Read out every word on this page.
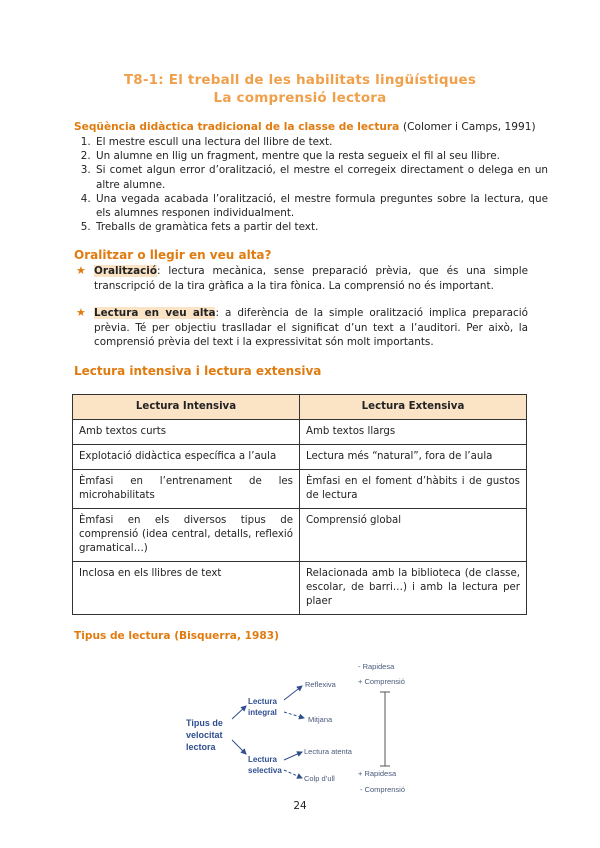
T8-1: El treball de les habilitats lingüístiques
La comprensió lectora
Seqüència didàctica tradicional de la classe de lectura (Colomer i Camps, 1991)
1. El mestre escull una lectura del llibre de text.
2. Un alumne en llig un fragment, mentre que la resta segueix el fil al seu llibre.
3. Si comet algun error d’oralització, el mestre el corregeix directament o delega en un altre alumne.
4. Una vegada acabada l’oralització, el mestre formula preguntes sobre la lectura, que els alumnes responen individualment.
5. Treballs de gramàtica fets a partir del text.
Oralitzar o llegir en veu alta?
★ Oralització: lectura mecànica, sense preparació prèvia, que és una simple transcripció de la tira gràfica a la tira fònica. La comprensió no és important.
★ Lectura en veu alta: a diferència de la simple oralització implica preparació prèvia. Té per objectiu traslladar el significat d’un text a l’auditori. Per això, la comprensió prèvia del text i la expressivitat són molt importants.
Lectura intensiva i lectura extensiva
Lectura Intensiva	Lectura Extensiva
Amb textos curts	Amb textos llargs
Explotació didàctica específica a l’aula	Lectura més “natural”, fora de l’aula
Èmfasi en l’entrenament de les microhabilitats	Èmfasi en el foment d’hàbits i de gustos de lectura
Èmfasi en els diversos tipus de comprensió (idea central, detalls, reflexió gramatical…)	Comprensió global
Inclosa en els llibres de text	Relacionada amb la biblioteca (de classe, escolar, de barri…) i amb la lectura per plaer
Tipus de lectura (Bisquerra, 1983)
Tipus de
velocitat
lectora
Lectura
integral
Lectura
selectiva
Reflexiva
Mitjana
Lectura atenta
Colp d’ull
- Rapidesa
+ Comprensió
+ Rapidesa
- Comprensió
24
